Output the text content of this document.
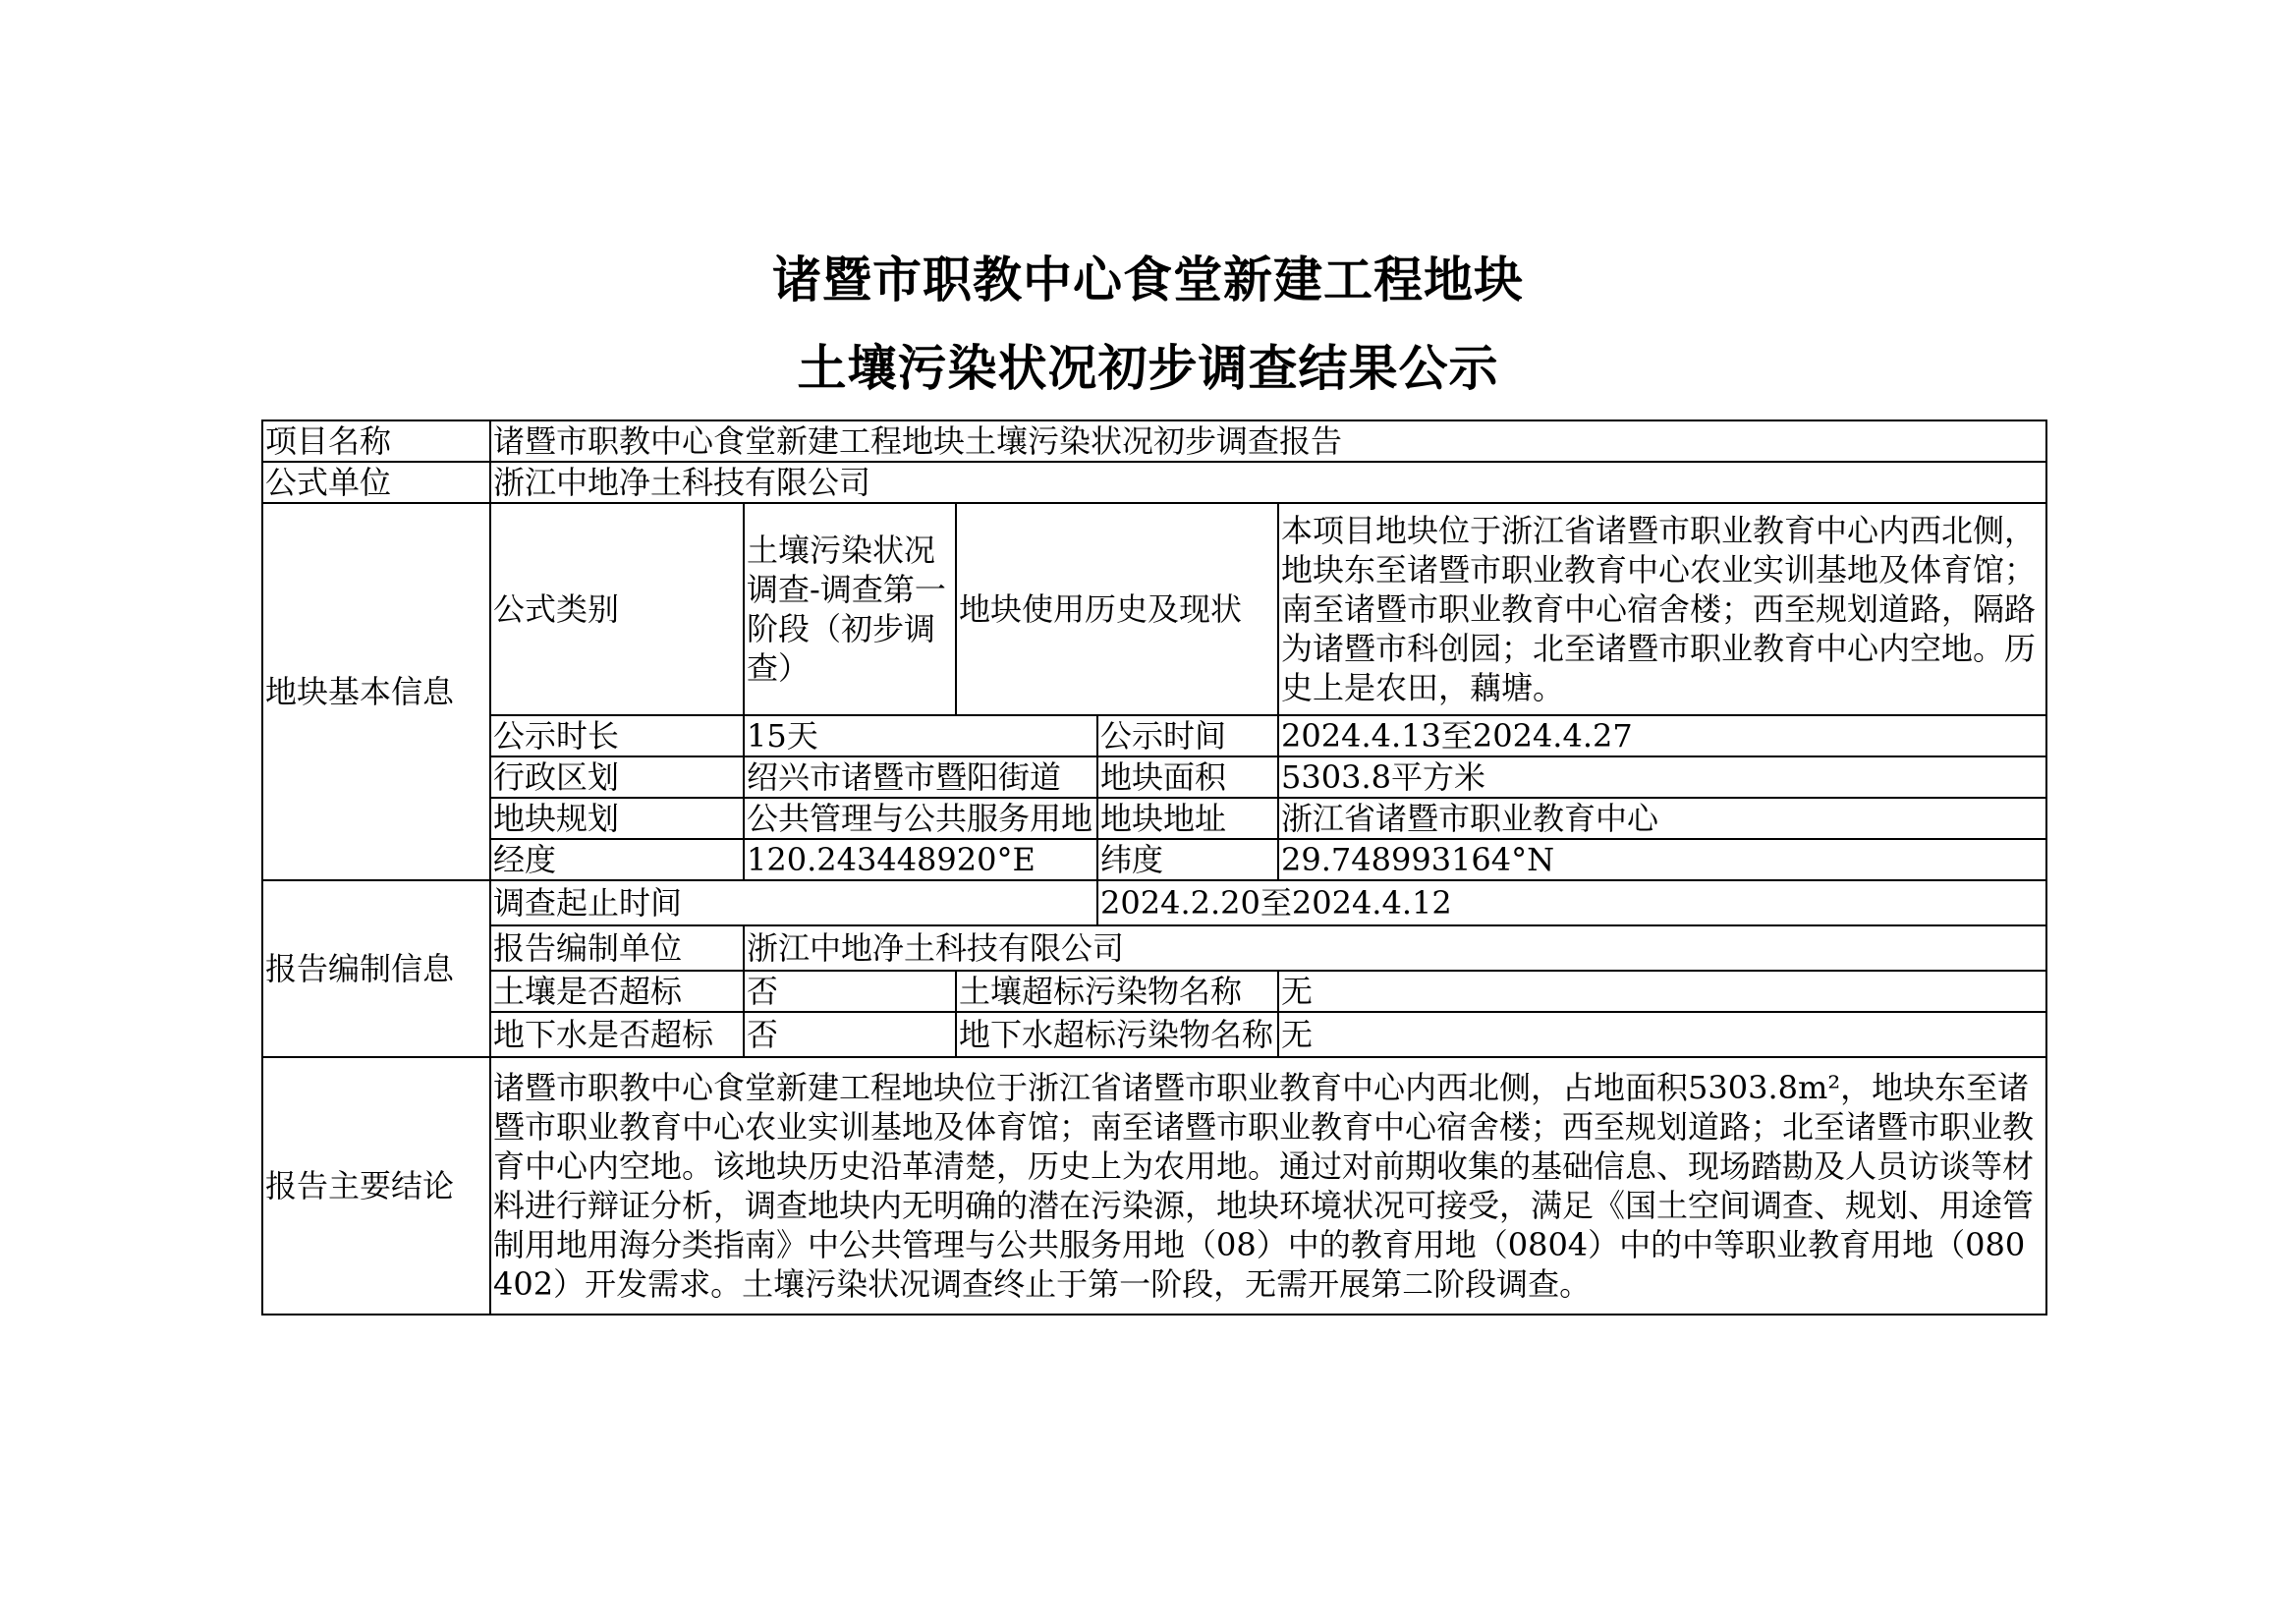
诸暨市职教中心食堂新建工程地块
土壤污染状况初步调查结果公示
项目名称	诸暨市职教中心食堂新建工程地块土壤污染状况初步调查报告				
公式单位	浙江中地净土科技有限公司				
地块基本信息	公式类别	土壤污染状况调查-调查第一阶段（初步调查）	地块使用历史及现状		本项目地块位于浙江省诸暨市职业教育中心内西北侧，地块东至诸暨市职业教育中心农业实训基地及体育馆；南至诸暨市职业教育中心宿舍楼；西至规划道路，隔路为诸暨市科创园；北至诸暨市职业教育中心内空地。历史上是农田，藕塘。
	公示时长	15天		公示时间	2024.4.13至2024.4.27
	行政区划	绍兴市诸暨市暨阳街道		地块面积	5303.8平方米
	地块规划	公共管理与公共服务用地		地块地址	浙江省诸暨市职业教育中心
	经度	120.243448920°E		纬度	29.748993164°N
报告编制信息	调查起止时间			2024.2.20至2024.4.12	
	报告编制单位	浙江中地净土科技有限公司			
	土壤是否超标	否	土壤超标污染物名称		无
	地下水是否超标	否	地下水超标污染物名称		无
报告主要结论	诸暨市职教中心食堂新建工程地块位于浙江省诸暨市职业教育中心内西北侧，占地面积5303.8m²，地块东至诸暨市职业教育中心农业实训基地及体育馆；南至诸暨市职业教育中心宿舍楼；西至规划道路；北至诸暨市职业教育中心内空地。该地块历史沿革清楚，历史上为农用地。通过对前期收集的基础信息、现场踏勘及人员访谈等材料进行辩证分析，调查地块内无明确的潜在污染源，地块环境状况可接受，满足《国土空间调查、规划、用途管制用地用海分类指南》中公共管理与公共服务用地（08）中的教育用地（0804）中的中等职业教育用地（080402）开发需求。土壤污染状况调查终止于第一阶段，无需开展第二阶段调查。				
